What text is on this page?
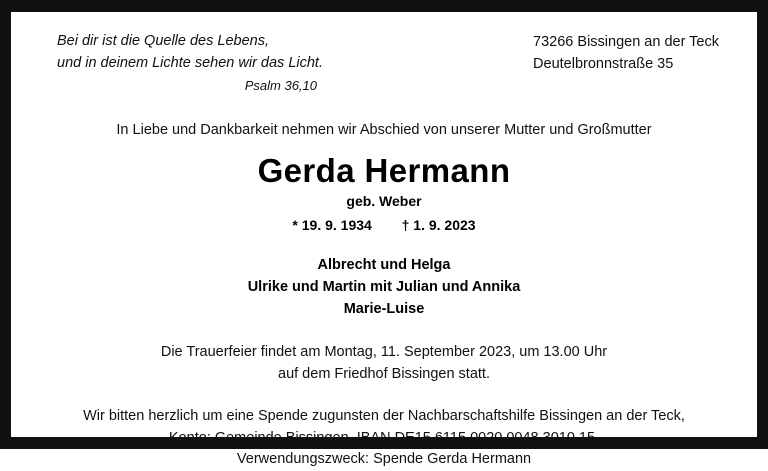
Bei dir ist die Quelle des Lebens,
und in deinem Lichte sehen wir das Licht.
Psalm 36,10
73266 Bissingen an der Teck
Deutelbronnstraße 35
In Liebe und Dankbarkeit nehmen wir Abschied von unserer Mutter und Großmutter
Gerda Hermann
geb. Weber
* 19. 9. 1934 † 1. 9. 2023
Albrecht und Helga
Ulrike und Martin mit Julian und Annika
Marie-Luise
Die Trauerfeier findet am Montag, 11. September 2023, um 13.00 Uhr
auf dem Friedhof Bissingen statt.
Wir bitten herzlich um eine Spende zugunsten der Nachbarschaftshilfe Bissingen an der Teck,
Konto: Gemeinde Bissingen, IBAN DE15 6115 0020 0048 3010 15,
Verwendungszweck: Spende Gerda Hermann
